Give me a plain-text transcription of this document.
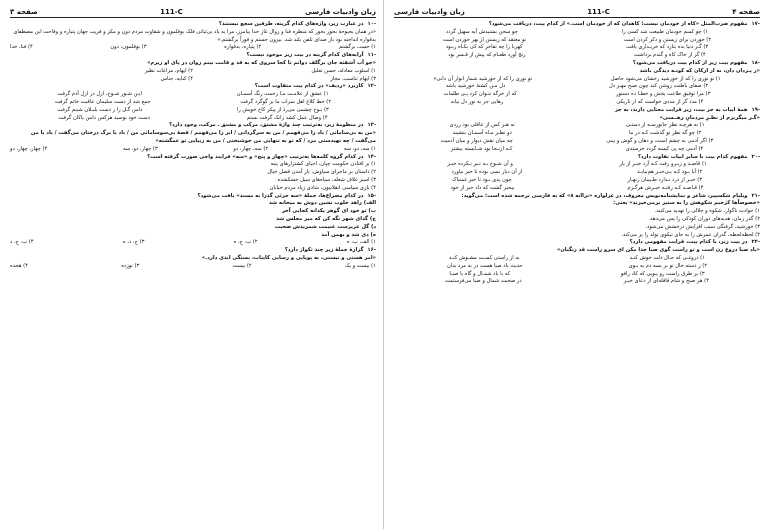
صفحه ۴
111-C
زبان وادبیات فارسی
-۱۷مفهوم ضرب‌المثل «کاه از خودمان نیست؛ کاهدان که از خودمان است.» از کدام بیت، دریافت می‌شود؟
۱) چو کسم خودمان طبیعت شد کسی را
چو سخن بشنیدش آیه سهیل گردد
۲) خوردن برای زیستن و ذکر کردن است
تو معتقد که زیستن از بهر خوردن است
۳) گـر دنیا بده بنازد که خریـداری یافت
کهربا را چه تفاخر که کی بکـاه ربـود
۴) گر از خاک کاه و گندم برداشت
رنج آورد طعـام که پیش از قـسر بود
-۱۸مفهوم بیت زیر از کدام بیت دریافت می‌شود؟
«ز پـزدان دان، نه از ارکان که کوتـه دیدگی باشد
۱) تو نوری را که از خورشید رخشان می‌شود حاصل
تو نوری را که از خورشید شمار انوار آن دانی»
۲) صفای باطنت روشن کند چون صبح مهـر دل
دل مـن کشتهٔ خورشید باشد
۳) مرا توفیق طاعت بخش و خطـا ده دستور
که از خرگه نتـوان کرد پـی ظلمات
۴) مدد گر از مددی خواست که از تاریکی
رهایی جز به نور دل نیابد
-۱۹همهٔ ابیات به جز بیت، زیر قرابت معنایی دارند، به جز
«گـر میگریزم از نظـرِ مردمانِ رهـ‌ـسی»
۱) نه هرچـه نظر جانورسـه از دستـی
نه هـر کس از عاقلی بود زردی
۲) چو گه نظر تو گذشت کـه در ما
دو نظـر مـاه آسمـان بنشیند
۳) اگر آدمی به چشم است، و دهان و گوش و بینی
چه میان نقش دیوار و میان آدمیت
۴) آدمی چه پی کیسه گردد خرسندی
کـه ازنـجا بود شـایسته بیشتر
-۲۰مفهوم کدام بیت با سایر ابیات تفاوت دارد؟
۱) قاصـد و زیـرو رفت کـه آرد خبـر از یار
و آن شـوخ بـه تـیر نـکرده خبـر
۲) آیا بـود کـه بـی‌خبـر هم‌بیایـد
از آن دیار بسی بوده نا خبر نیاورد
۳) خبـر از درد نـدارد طـبیبان زنهـار
چون پدی بـود تا خبر غمنیاک
۴) قـاصـد کـه رفتـه خبـرش هرگـزم
بیخبر گشت که داد خبر از خود
-۲۱ویلیام شکسپیر، شاعر و نمایشنامه‌نویس معروف، در غزلواره «تراانه ۸» که به فارسی ترجمه شده است؛ می‌گوید:
«خصوصاً‌ها کژخیم شکوهش را به ستیز برمی‌خیزند» یعنی:
۱) حوادث ناگوار، شکوه و جلالی را تهدید می‌کنند.
۲) گذر زمان، هدیه‌های دوران کودکی را پس می‌دهد.
۳) خورشید، گرفتگی سبب افزایش درخشش می‌شود.
۴) لحظه‌لحظه‌، گذران عمرش را به جای نیکوی تولد را پر می‌کند.
-۲۲در بیت زیر، با کدام بیت، قرابت مفهومی دارد؟
«باد صبا دروغ زن است و تو راست گوی صبا جدا مکن ای سرو راست قد زنگیان»
۱) دروغـی که حـال دلت خوش کنـد
به از راستی کسـت مشـوش کنـد
۲) ز دسته خال تو بر بسه دم به بـوی
حدیث باد صبا هست در به مرد بدان
۳) بر طرق راست رو پـویی که کاد رافو
که با باد شمـال و گاه با صبـا
۴) هر صبح و شام قافله‌ای از دعای خیـر
در صحبت شمال و صبا می‌فرستمت
زبان وادبیات فارسی
111-C
صفحه ۳
-۱۰در عبارت زیر، واژه‌های کدام گزینه، طرفین سجع نیستند؟
«در همان بحبوحهٔ بخور بخور که منظره فنا و زوال غاز خدا بیامرز، مرا به یاد بی‌ثباتی فلک بوقلمون و شقاوت مردم دون و مکر و فریب جهان پتیاره و وقاحت این مصطفای بدقواره انداخته بود باز صدای تلفن بلند شد. بیرون جستم و فوراً برگشتم.»
۱) حسنـ، برگشتم
۲) پتیاره، بدقواره
۳) بوقلمون، دون
۴) فنا، خدا
-۱۱آرایه‌های کدام گزینه در بیت زیر موجود نیست؟
«جو آب آشفته جان برگلف دوانم تا کجا سروی که به قد و قامت بینم روان در پای او زیرم»
۱) اسلوب معادله، حسن تعلیل
۲) ایهام، مراعات نظیر
۳) ایهام تناسب، مجاز
۴) کنایه، جناس
-۱۲کاربرد «ردیف» در کدام بیت متفاوت است؟
۱) عشق از علامـت مـا رحمت رنگ آسمـان
ایـن شـور شـوخ، ازل در ازل آدم گرفت
۲) خط کلاغ اهل سراب ما بر گوگرد گرفت
جمع شد از دست سلیمان عاقبت خاتم گرفت
۳) نـوح چشمی می‌ردٔ از پیکر کاخ خویش را
دامن گـل را ز دست بلبـلان شبنم گرفت
۴) وصال عمل کشد زانک گرفت بستم
دست خود بوسید هرکس دامن یاکان گرفت
-۱۳در منظومهٔ زیر، به‌ترتیب چند واژهٔ مشتق، مرکب و مشتق ـ مرکب، وجود دارد؟
«من به بی‌سامانی / باد را می‌فهمم / من به سرگردانی / ابر را می‌فهمم / قصهٔ بی‌سوسامانی من / باد با برگ درختان می‌گفت / باد با من می‌گفت / چه تهیدستی مرد / که تو به تنهایی من خوشبختی / من به زیبایی تو عمگشته»
۱) سه، دو، سه
۲) سه، چهار، دو
۳) چهار، دو، سه
۴) چهار، چهار، دو
-۱۴در کدام گروه کلمه‌ها به‌ترتیب «چهار و پنج» و «سه» فرایند واجی صورت گرفته است؟
۱) بر افتادن حکومت چپان، احیای کشتزارهای پنبه
۲) داستان بر ماجرای سیاوش، باز آمدن فصل خیال
۳) اسیر غلاف شعله، سپاه‌های سیل خشکشده
۴) بازی سیاسی انقلابیون، شادی زیاد مردم خیابان
-۱۵در کدام مصراع‌ها، جملهٔ «سه جزئی گذرا به مسند» یافت می‌شود؟
الف) راهد خلوت نشین دوش به میخانه شد
ب) تو خود ای گوهر یکدانه کجایی آخر
ج) گدای شهر نگه کن که میر مجلس شد
د) گل عزیزست غنیمت شمریدش صحبت
ه) دی شد و بهمن آمد
۱) الف، ب، ه
۲) ب، ج، ه
۳) ج، د، ه
۴) ب، ج، د
-۱۶گزارهٔ جملهٔ زیر چند تکواژ دارد؟
«امر هستی و نیستی، به پویایی و رسایی کاینات، بستگی ابدی دارد.»
۱) بیست و یک
۲) بیست
۳) نوزده
۴) هجده
